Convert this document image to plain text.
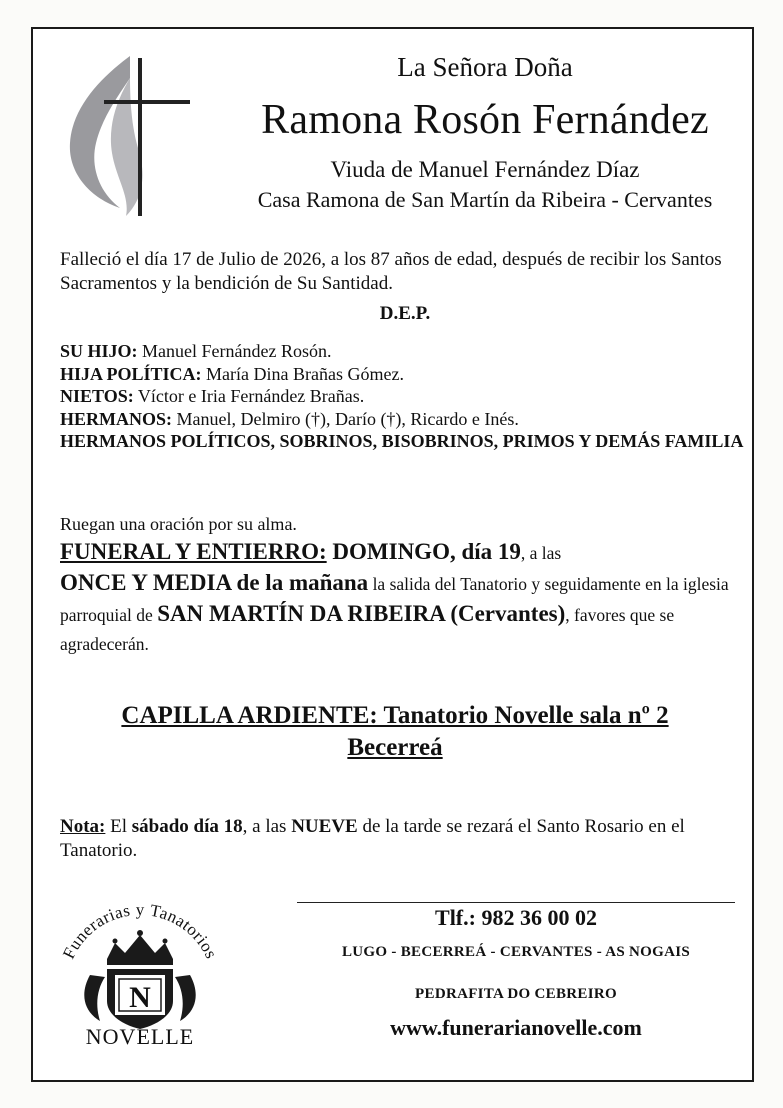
La Señora Doña
Ramona Rosón Fernández
Viuda de Manuel Fernández Díaz
Casa Ramona de San Martín da Ribeira - Cervantes
Falleció el día 17 de Julio de 2026, a los 87 años de edad, después de recibir los Santos Sacramentos y la bendición de Su Santidad.
D.E.P.
SU HIJO: Manuel Fernández Rosón.
HIJA POLÍTICA: María Dina Brañas Gómez.
NIETOS: Víctor e Iria Fernández Brañas.
HERMANOS: Manuel, Delmiro (†), Darío (†), Ricardo e Inés.
HERMANOS POLÍTICOS, SOBRINOS, BISOBRINOS, PRIMOS Y DEMÁS FAMILIA
Ruegan una oración por su alma.
FUNERAL Y ENTIERRO: DOMINGO, día 19, a las
ONCE Y MEDIA de la mañana la salida del Tanatorio y seguidamente en la iglesia parroquial de SAN MARTÍN DA RIBEIRA (Cervantes), favores que se agradecerán.
CAPILLA ARDIENTE: Tanatorio Novelle sala nº 2
Becerreá
Nota: El sábado día 18, a las NUEVE de la tarde se rezará el Santo Rosario en el Tanatorio.
Funerarias y Tanatorios
N
NOVELLE
Tlf.: 982 36 00 02
LUGO - BECERREÁ - CERVANTES - AS NOGAIS
PEDRAFITA DO CEBREIRO
www.funerarianovelle.com
